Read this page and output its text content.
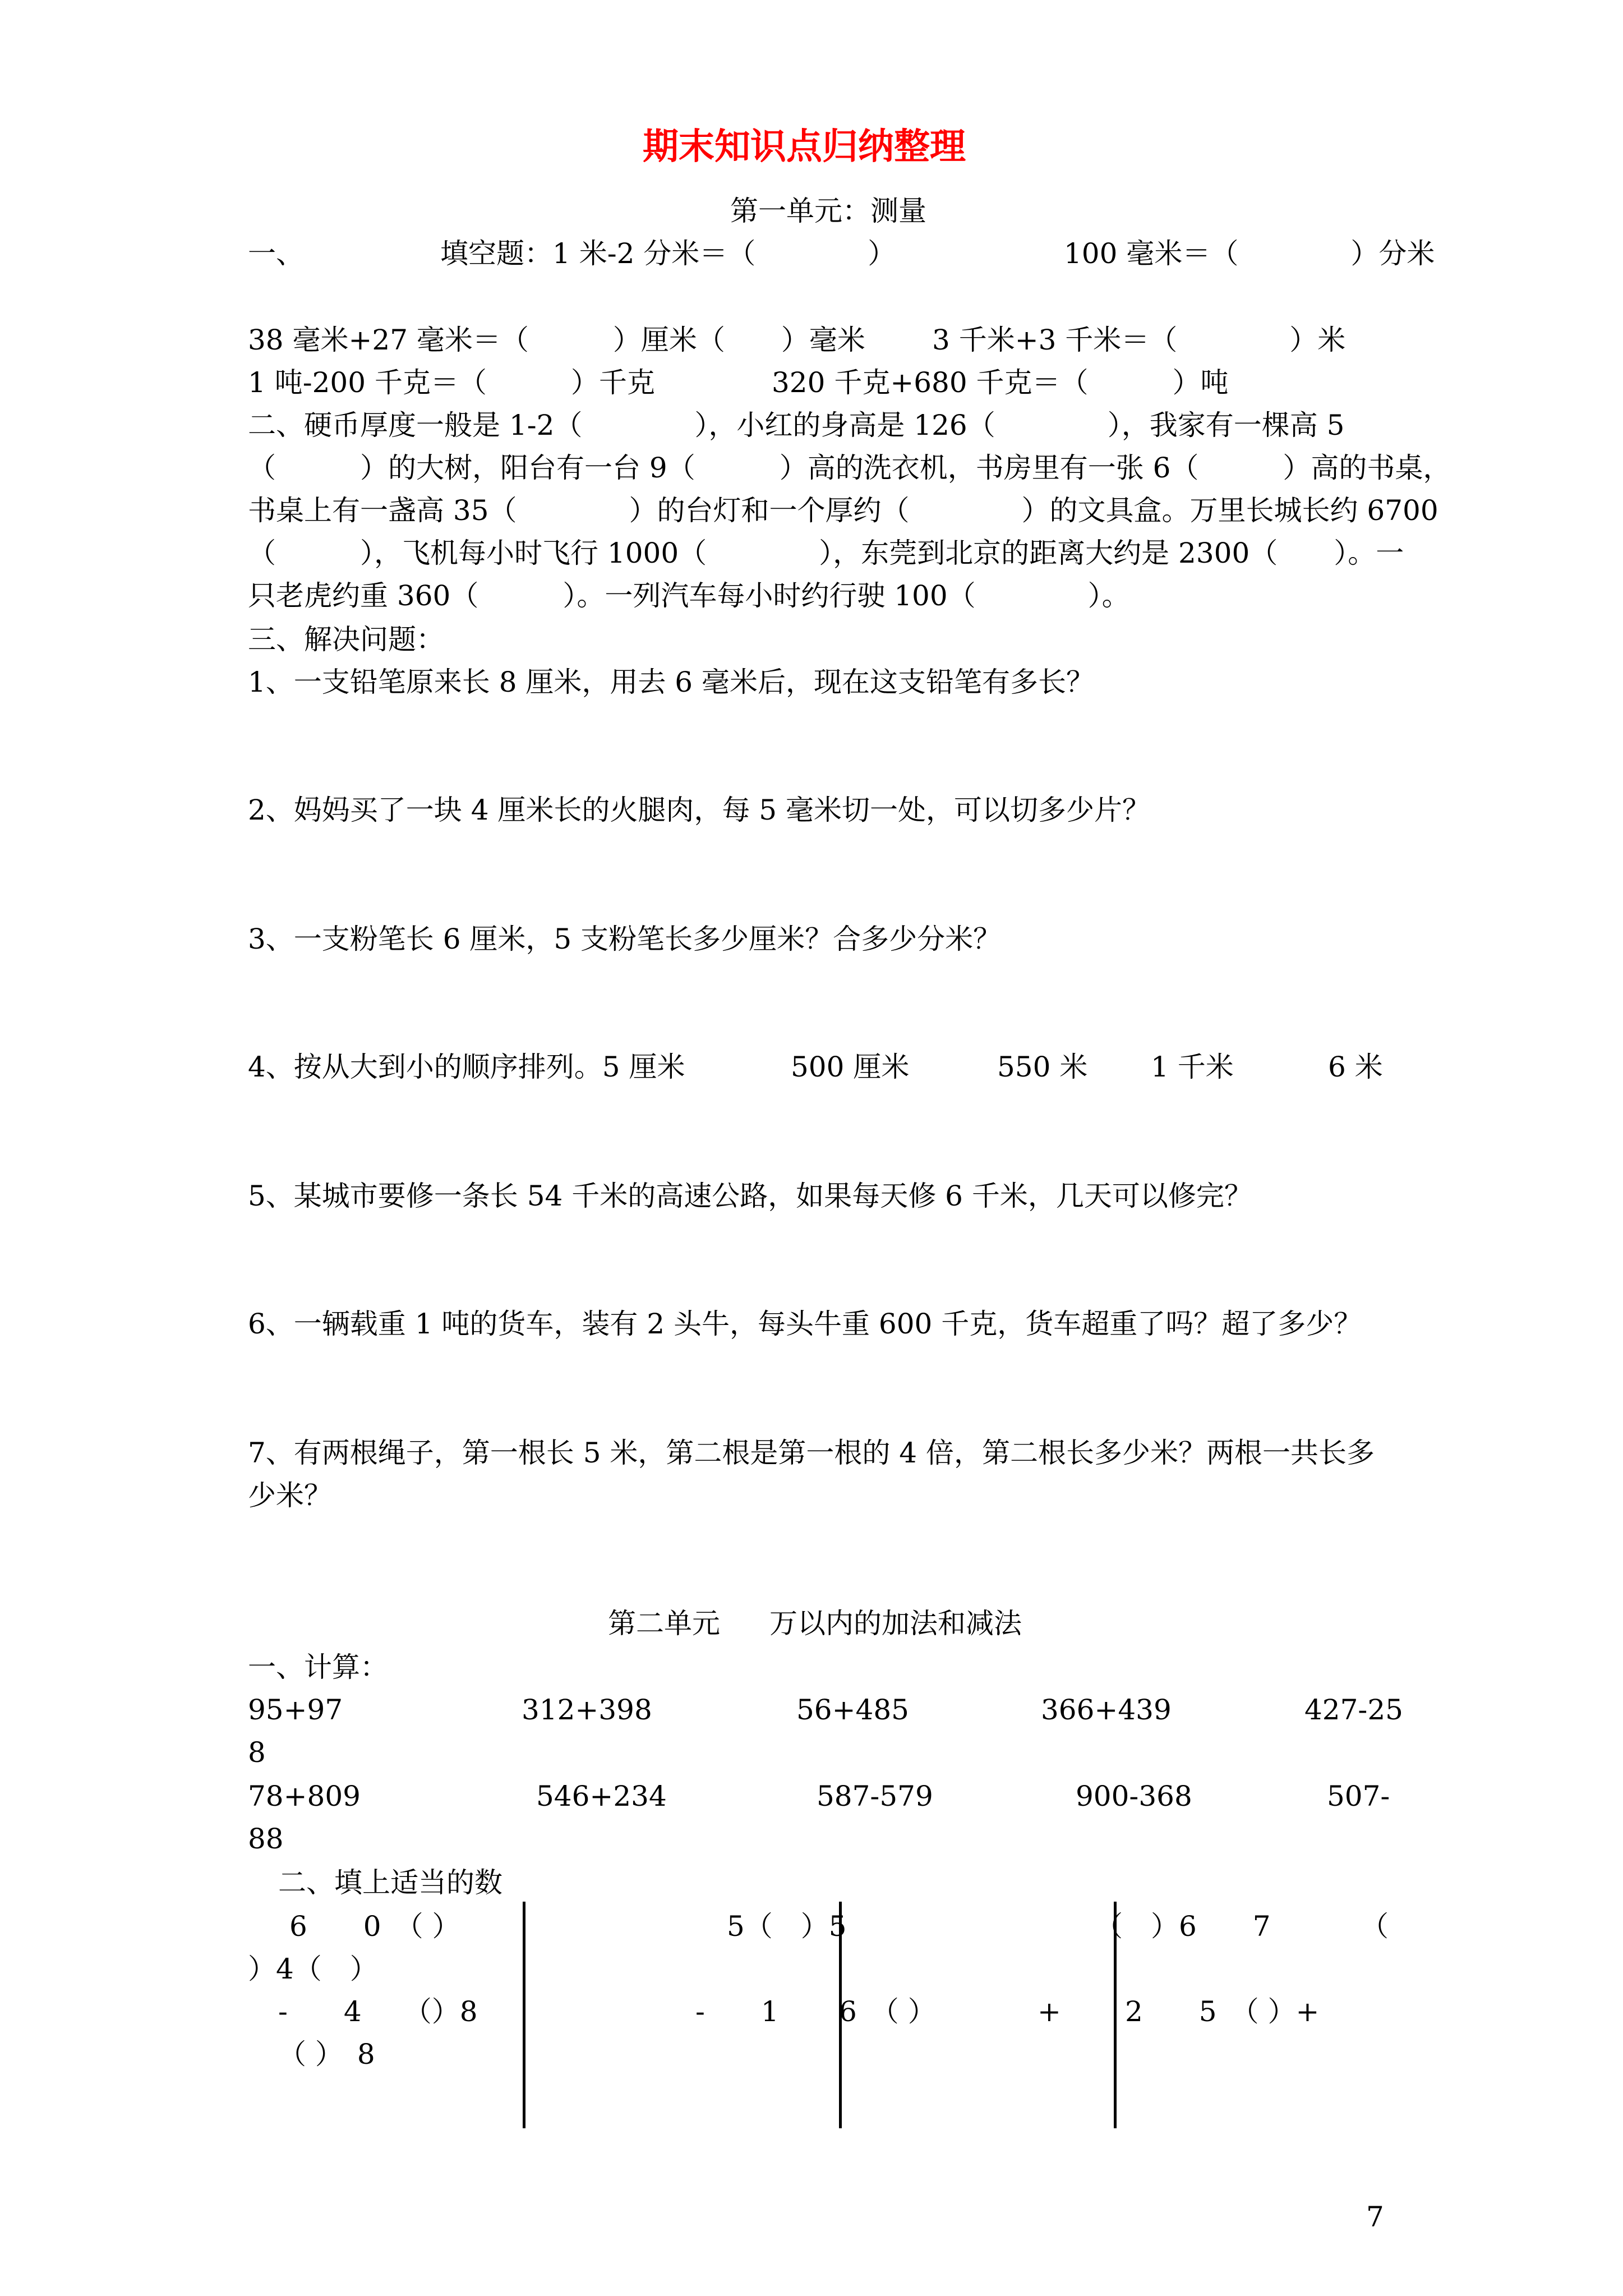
期末知识点归纳整理
第一单元：测量
一、	填空题：1 米-2 分米＝（　　　　）	100 毫米＝（　　　　）分米
38 毫米+27 毫米＝（　　　）厘米（　　）毫米 3 千米+3 千米＝（　　　　）米
1 吨-200 千克＝（　　　）千克	320 千克+680 千克＝（　　　）吨
二、硬币厚度一般是 1-2（　　　　），小红的身高是 126（　　　　），我家有一棵高 5
（　　　）的大树，阳台有一台 9（　　　）高的洗衣机，书房里有一张 6（　　　）高的书桌，
书桌上有一盏高 35（　　　　）的台灯和一个厚约（　　　　）的文具盒。万里长城长约 6700
（　　　），飞机每小时飞行 1000（　　　　），东莞到北京的距离大约是 2300（　　）。一
只老虎约重 360（　　　）。一列汽车每小时约行驶 100（　　　　）。
三、解决问题：
1、一支铅笔原来长 8 厘米，用去 6 毫米后，现在这支铅笔有多长？
2、妈妈买了一块 4 厘米长的火腿肉，每 5 毫米切一处，可以切多少片？
3、一支粉笔长 6 厘米，5 支粉笔长多少厘米？合多少分米？
4、按从大到小的顺序排列。5 厘米	500 厘米	550 米 1 千米	6 米
5、某城市要修一条长 54 千米的高速公路，如果每天修 6 千米，几天可以修完？
6、一辆载重 1 吨的货车，装有 2 头牛，每头牛重 600 千克，货车超重了吗？超了多少？
7、有两根绳子，第一根长 5 米，第二根是第一根的 4 倍，第二根长多少米？两根一共长多
少米？
第二单元 万以内的加法和减法
一、计算：
95+97	312+398	56+485	366+439	427-25
8
78+809	546+234	587-579	900-368	507-
88
二、填上适当的数
6　　0　（ ）	5（　）5	（　）6　　7	（
）4（　）
-　　4　　（）8	-　　1 6　（ ）	+ 2　　5　（ ）+
（ ）　8
7
